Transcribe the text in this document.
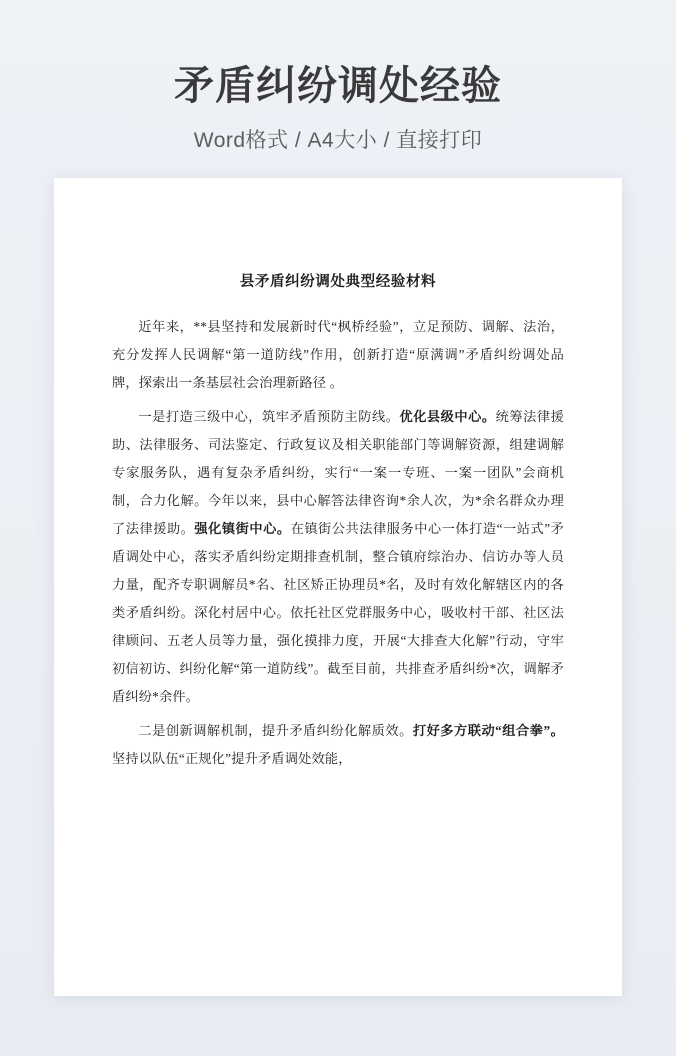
矛盾纠纷调处经验
Word格式 / A4大小 / 直接打印
县矛盾纠纷调处典型经验材料
近年来，**县坚持和发展新时代“枫桥经验”，立足预防、调解、法治，充分发挥人民调解“第一道防线”作用，创新打造“原满调”矛盾纠纷调处品牌，探索出一条基层社会治理新路径 。
一是打造三级中心，筑牢矛盾预防主防线。优化县级中心。统筹法律援助、法律服务、司法鉴定、行政复议及相关职能部门等调解资源，组建调解专家服务队，遇有复杂矛盾纠纷，实行“一案一专班、一案一团队”会商机制，合力化解。今年以来，县中心解答法律咨询*余人次，为*余名群众办理了法律援助。强化镇街中心。在镇街公共法律服务中心一体打造“一站式”矛盾调处中心，落实矛盾纠纷定期排查机制，整合镇府综治办、信访办等人员力量，配齐专职调解员*名、社区矫正协理员*名，及时有效化解辖区内的各类矛盾纠纷。深化村居中心。依托社区党群服务中心，吸收村干部、社区法律顾问、五老人员等力量，强化摸排力度，开展“大排查大化解”行动，守牢初信初访、纠纷化解“第一道防线”。截至目前，共排查矛盾纠纷*次，调解矛盾纠纷*余件。
二是创新调解机制，提升矛盾纠纷化解质效。打好多方联动“组合拳”。坚持以队伍“正规化”提升矛盾调处效能，
